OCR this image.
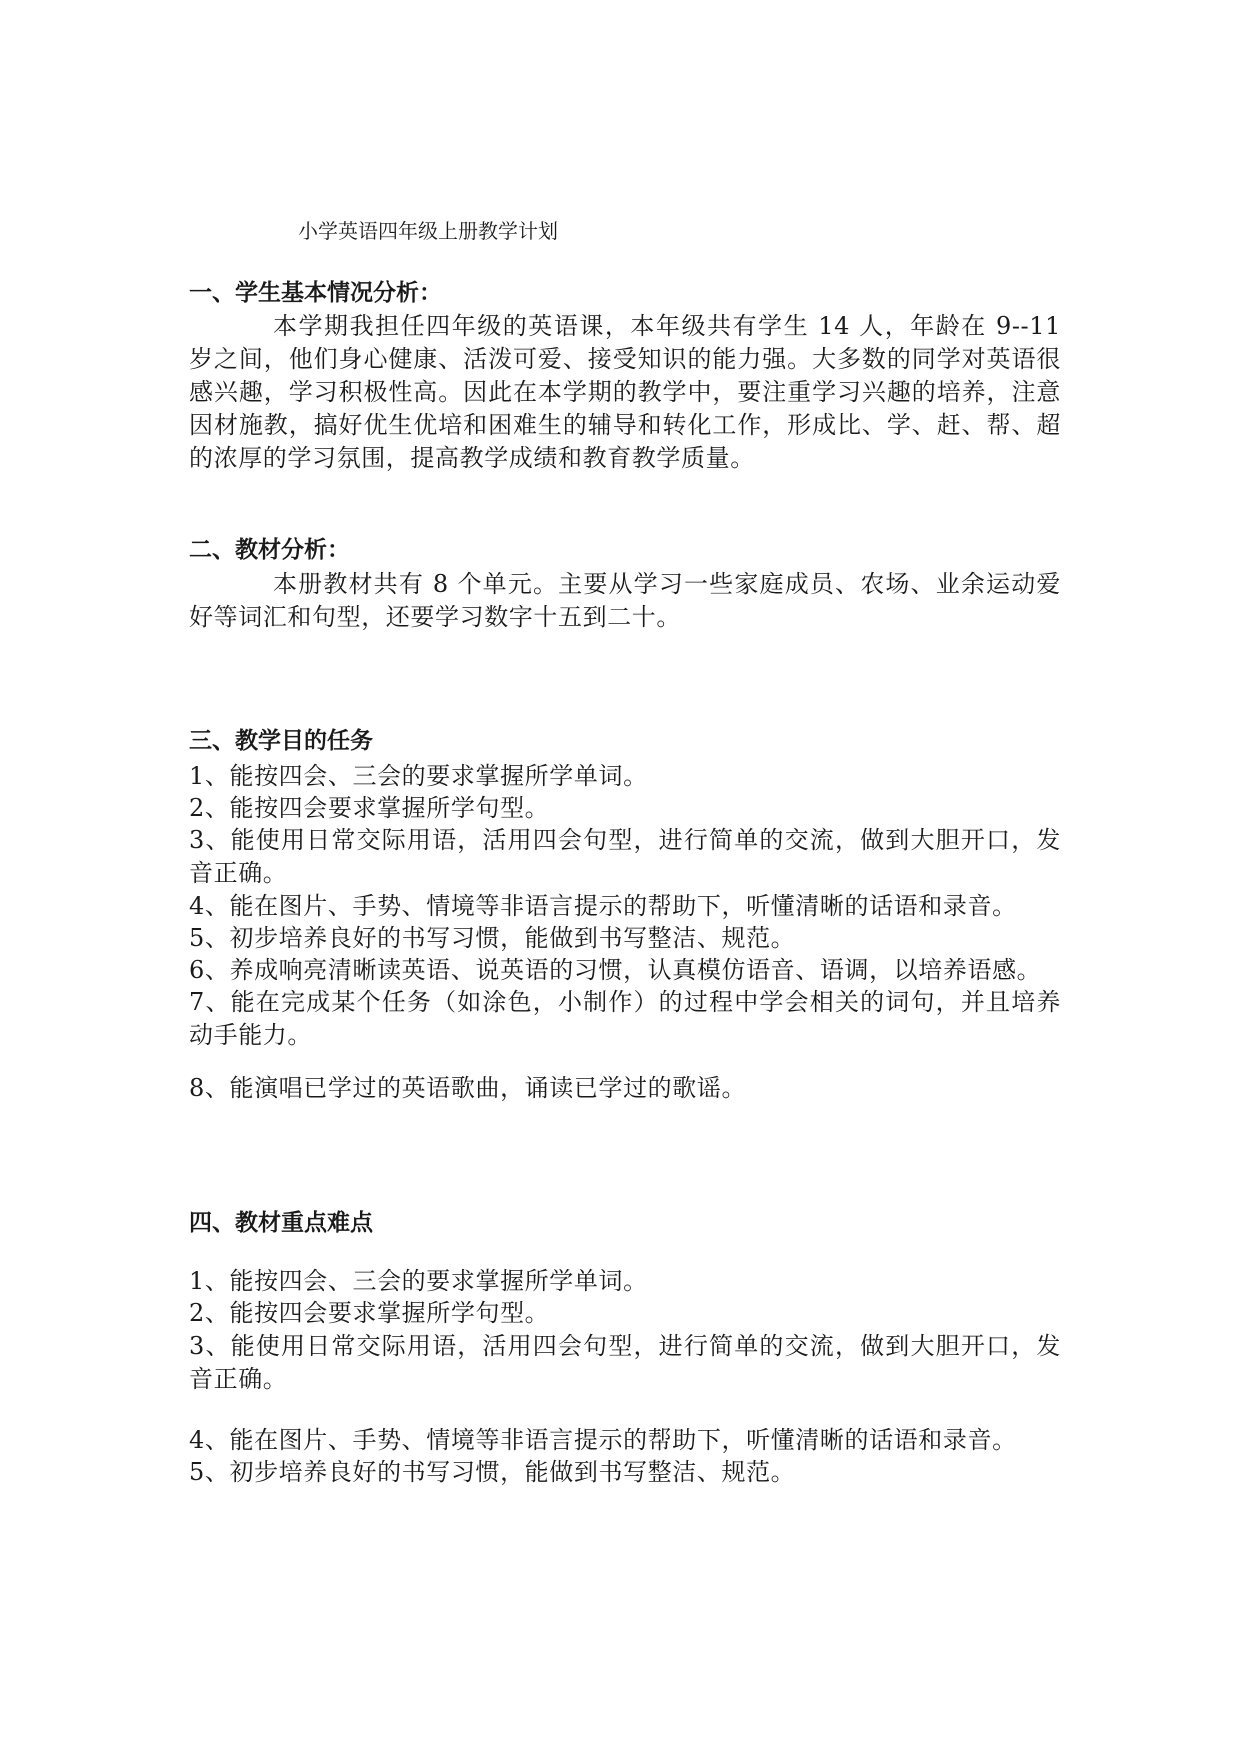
小学英语四年级上册教学计划
一、学生基本情况分析：
本学期我担任四年级的英语课，本年级共有学生 14 人，年龄在 9--11 岁之间，他们身心健康、活泼可爱、接受知识的能力强。大多数的同学对英语很感兴趣，学习积极性高。因此在本学期的教学中，要注重学习兴趣的培养，注意因材施教，搞好优生优培和困难生的辅导和转化工作，形成比、学、赶、帮、超的浓厚的学习氛围，提高教学成绩和教育教学质量。
二、教材分析：
本册教材共有 8 个单元。主要从学习一些家庭成员、农场、业余运动爱好等词汇和句型，还要学习数字十五到二十。
三、教学目的任务
1、能按四会、三会的要求掌握所学单词。
2、能按四会要求掌握所学句型。
3、能使用日常交际用语，活用四会句型，进行简单的交流，做到大胆开口，发音正确。
4、能在图片、手势、情境等非语言提示的帮助下，听懂清晰的话语和录音。
5、初步培养良好的书写习惯，能做到书写整洁、规范。
6、养成响亮清晰读英语、说英语的习惯，认真模仿语音、语调，以培养语感。
7、能在完成某个任务（如涂色，小制作）的过程中学会相关的词句，并且培养动手能力。
8、能演唱已学过的英语歌曲，诵读已学过的歌谣。
四、教材重点难点
1、能按四会、三会的要求掌握所学单词。
2、能按四会要求掌握所学句型。
3、能使用日常交际用语，活用四会句型，进行简单的交流，做到大胆开口，发音正确。
4、能在图片、手势、情境等非语言提示的帮助下，听懂清晰的话语和录音。
5、初步培养良好的书写习惯，能做到书写整洁、规范。
